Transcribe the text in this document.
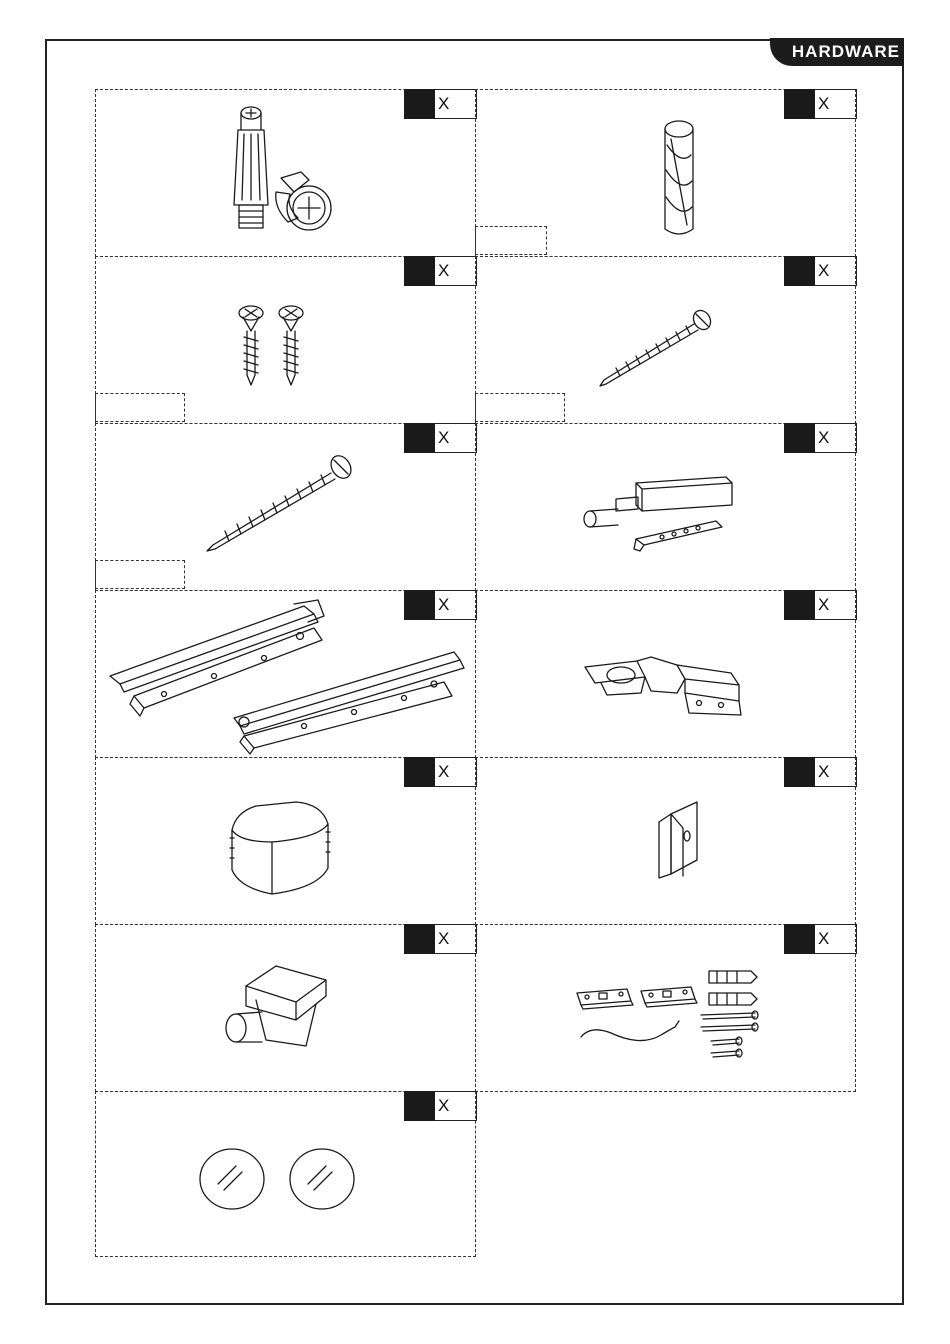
HARDWARE
X	X
X	X
X	X
X	X
X	X
X	X
X
